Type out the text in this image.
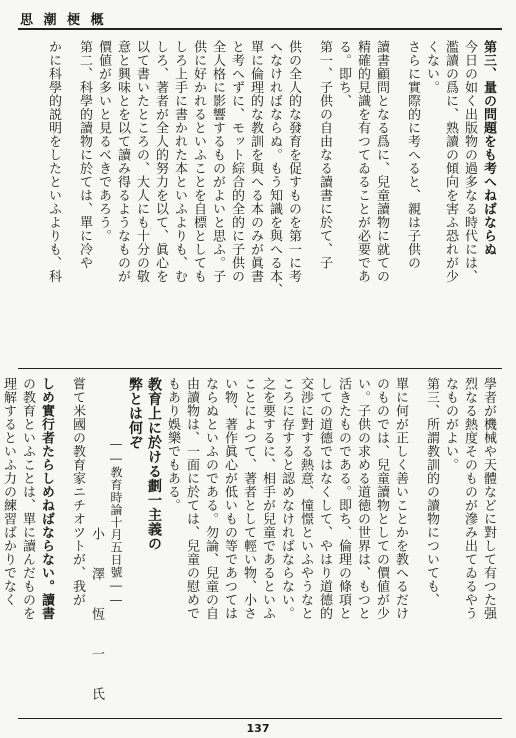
思 潮 梗 概

第三、量の問題をも考へねばならぬ

今日の如く出版物の過多なる時代には、

濫讀の爲に、熟讀の傾向を害ふ恐れが少

くない。

さらに實際的に考へると、親は子供の

讀書顧問となる爲に、兒童讀物に就ての

精確的見識を有つてゐることが必要であ

る。即ち、

第一、子供の自由なる讀書に於て、子

供の全人的な發育を促すものを第一に考

へなければならぬ。もう知識を與へる本、

單に倫理的な教訓を與へる本のみが眞書

と考へずに、モット綜合的全的に子供の

全人格に影響するものがよいと思ふ。子

供に好かれるといふことを自標としても

しろ上手に書かれた本といふよりも、む

しろ、著者が全人的努力を以て、眞心を

以て書いたところの、大人にも十分の敬

意と興味とを以て讀み得るようなものが

價値が多いと見るべきであろう。

第二、科學的讀物に於ては、單に冷や

かに科學的説明をしたといふよりも、科

學者が機械や天體などに對して有つた强

烈なる熱度そのものが滲み出てゐるやう

なものがよい。

第三、所謂教訓的の讀物についても、

單に何が正しく善いことかを教へるだけ

のものでは、兒童讀物としての價値が少

い。子供の求める道徳の世界は、もつと

活きたものである。即ち、倫理の條項と

しての道德ではなくして、やはり道德的

交渉に對する熱意、憧憬といふやうなと

ころに存すると認めなければならない。

之を要するに、相手が兒童であるといふ

ことによつて、著者として輕い物、小さ

い物、著作眞心が低いもの等であつては

ならぬといふのである。勿論、兒童の自

由讀物は、一面に於ては、兒童の慰めで

もあり娛樂でもある。

教育上に於ける劃一主義の

弊とは何ぞ

――教育時論十月五日號――

小 澤 恆 一 氏

嘗て米國の教育家ニチオツトが、我が

しめ實行者たらしめねばならない。讀書

の教育といふことは、單に讀んだものを

理解するといふ力の練習ばかりでなく

137
